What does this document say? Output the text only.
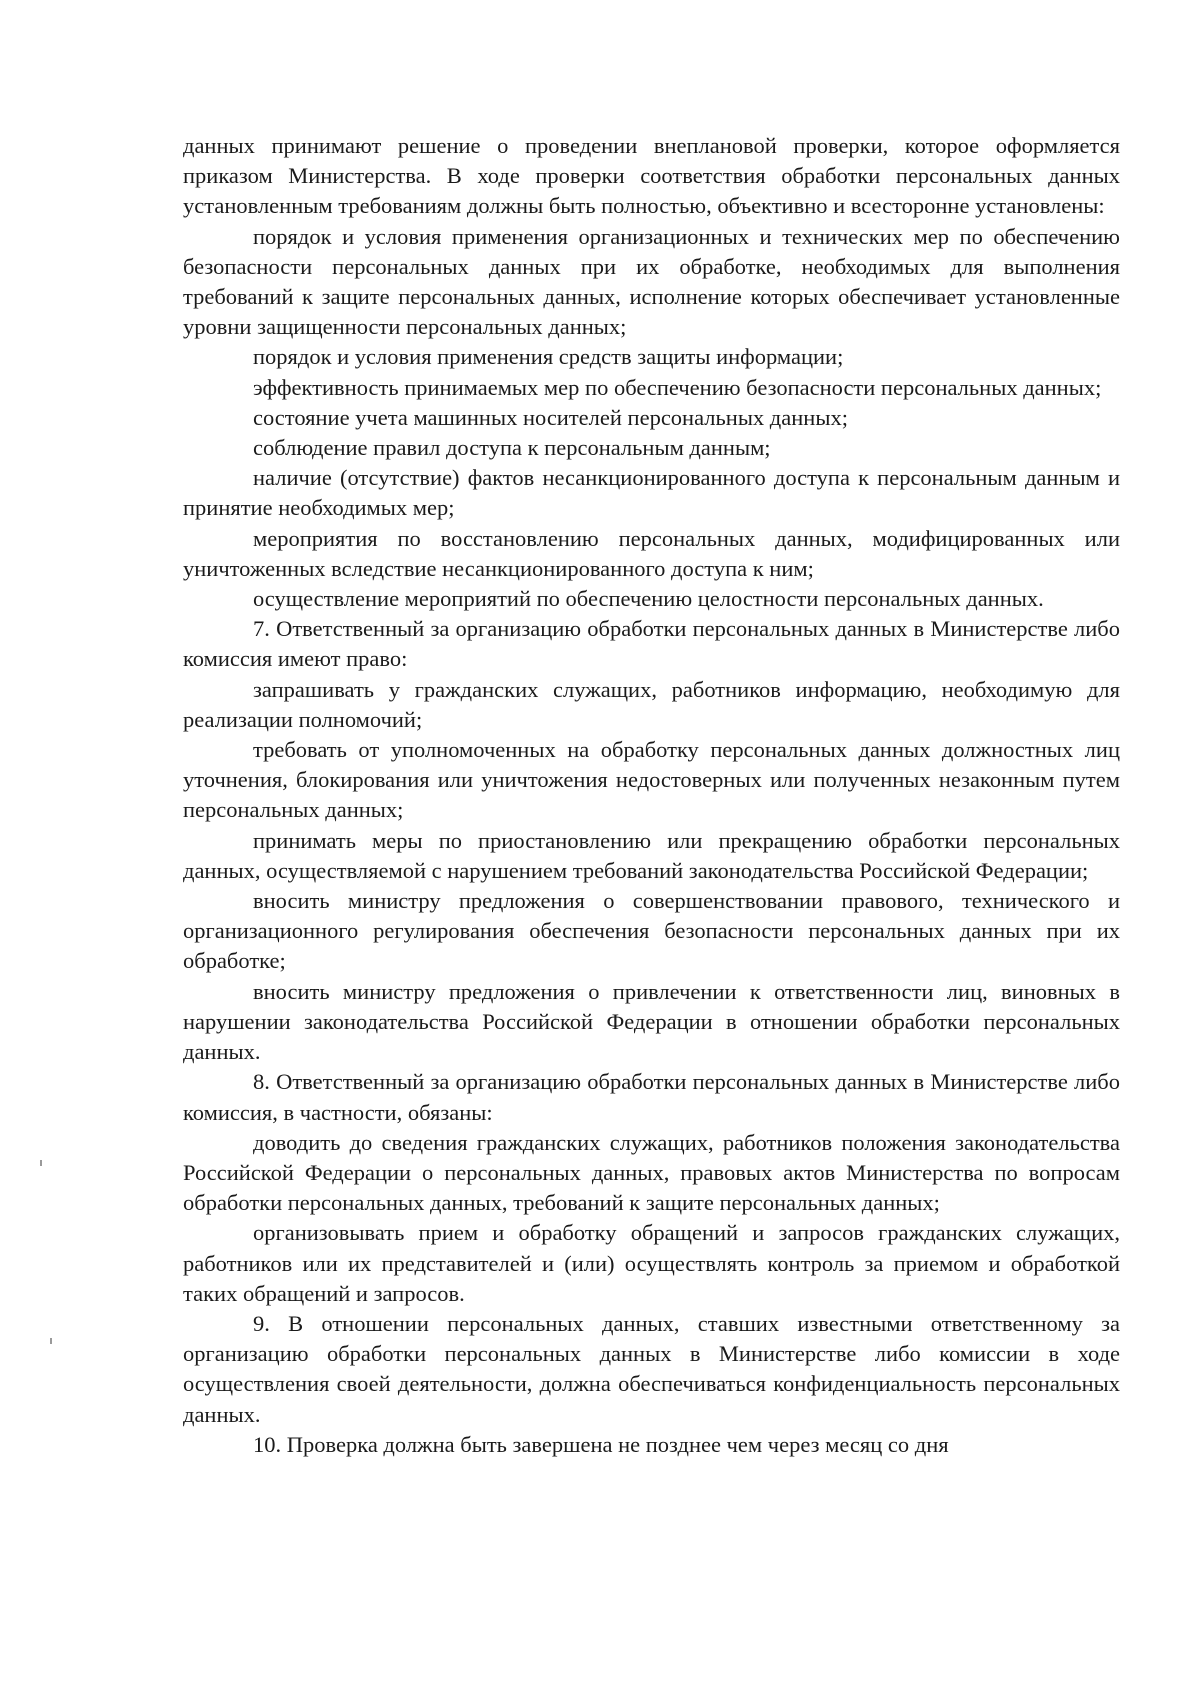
данных принимают решение о проведении внеплановой проверки, которое оформляется приказом Министерства. В ходе проверки соответствия обработки персональных данных установленным требованиям должны быть полностью, объективно и всесторонне установлены:

порядок и условия применения организационных и технических мер по обеспечению безопасности персональных данных при их обработке, необходимых для выполнения требований к защите персональных данных, исполнение которых обеспечивает установленные уровни защищенности персональных данных;

порядок и условия применения средств защиты информации;

эффективность принимаемых мер по обеспечению безопасности персональных данных;

состояние учета машинных носителей персональных данных;

соблюдение правил доступа к персональным данным;

наличие (отсутствие) фактов несанкционированного доступа к персональным данным и принятие необходимых мер;

мероприятия по восстановлению персональных данных, модифицированных или уничтоженных вследствие несанкционированного доступа к ним;

осуществление мероприятий по обеспечению целостности персональных данных.

7. Ответственный за организацию обработки персональных данных в Министерстве либо комиссия имеют право:

запрашивать у гражданских служащих, работников информацию, необходимую для реализации полномочий;

требовать от уполномоченных на обработку персональных данных должностных лиц уточнения, блокирования или уничтожения недостоверных или полученных незаконным путем персональных данных;

принимать меры по приостановлению или прекращению обработки персональных данных, осуществляемой с нарушением требований законодательства Российской Федерации;

вносить министру предложения о совершенствовании правового, технического и организационного регулирования обеспечения безопасности персональных данных при их обработке;

вносить министру предложения о привлечении к ответственности лиц, виновных в нарушении законодательства Российской Федерации в отношении обработки персональных данных.

8. Ответственный за организацию обработки персональных данных в Министерстве либо комиссия, в частности, обязаны:

доводить до сведения гражданских служащих, работников положения законодательства Российской Федерации о персональных данных, правовых актов Министерства по вопросам обработки персональных данных, требований к защите персональных данных;

организовывать прием и обработку обращений и запросов гражданских служащих, работников или их представителей и (или) осуществлять контроль за приемом и обработкой таких обращений и запросов.

9. В отношении персональных данных, ставших известными ответственному за организацию обработки персональных данных в Министерстве либо комиссии в ходе осуществления своей деятельности, должна обеспечиваться конфиденциальность персональных данных.

10. Проверка должна быть завершена не позднее чем через месяц со дня
